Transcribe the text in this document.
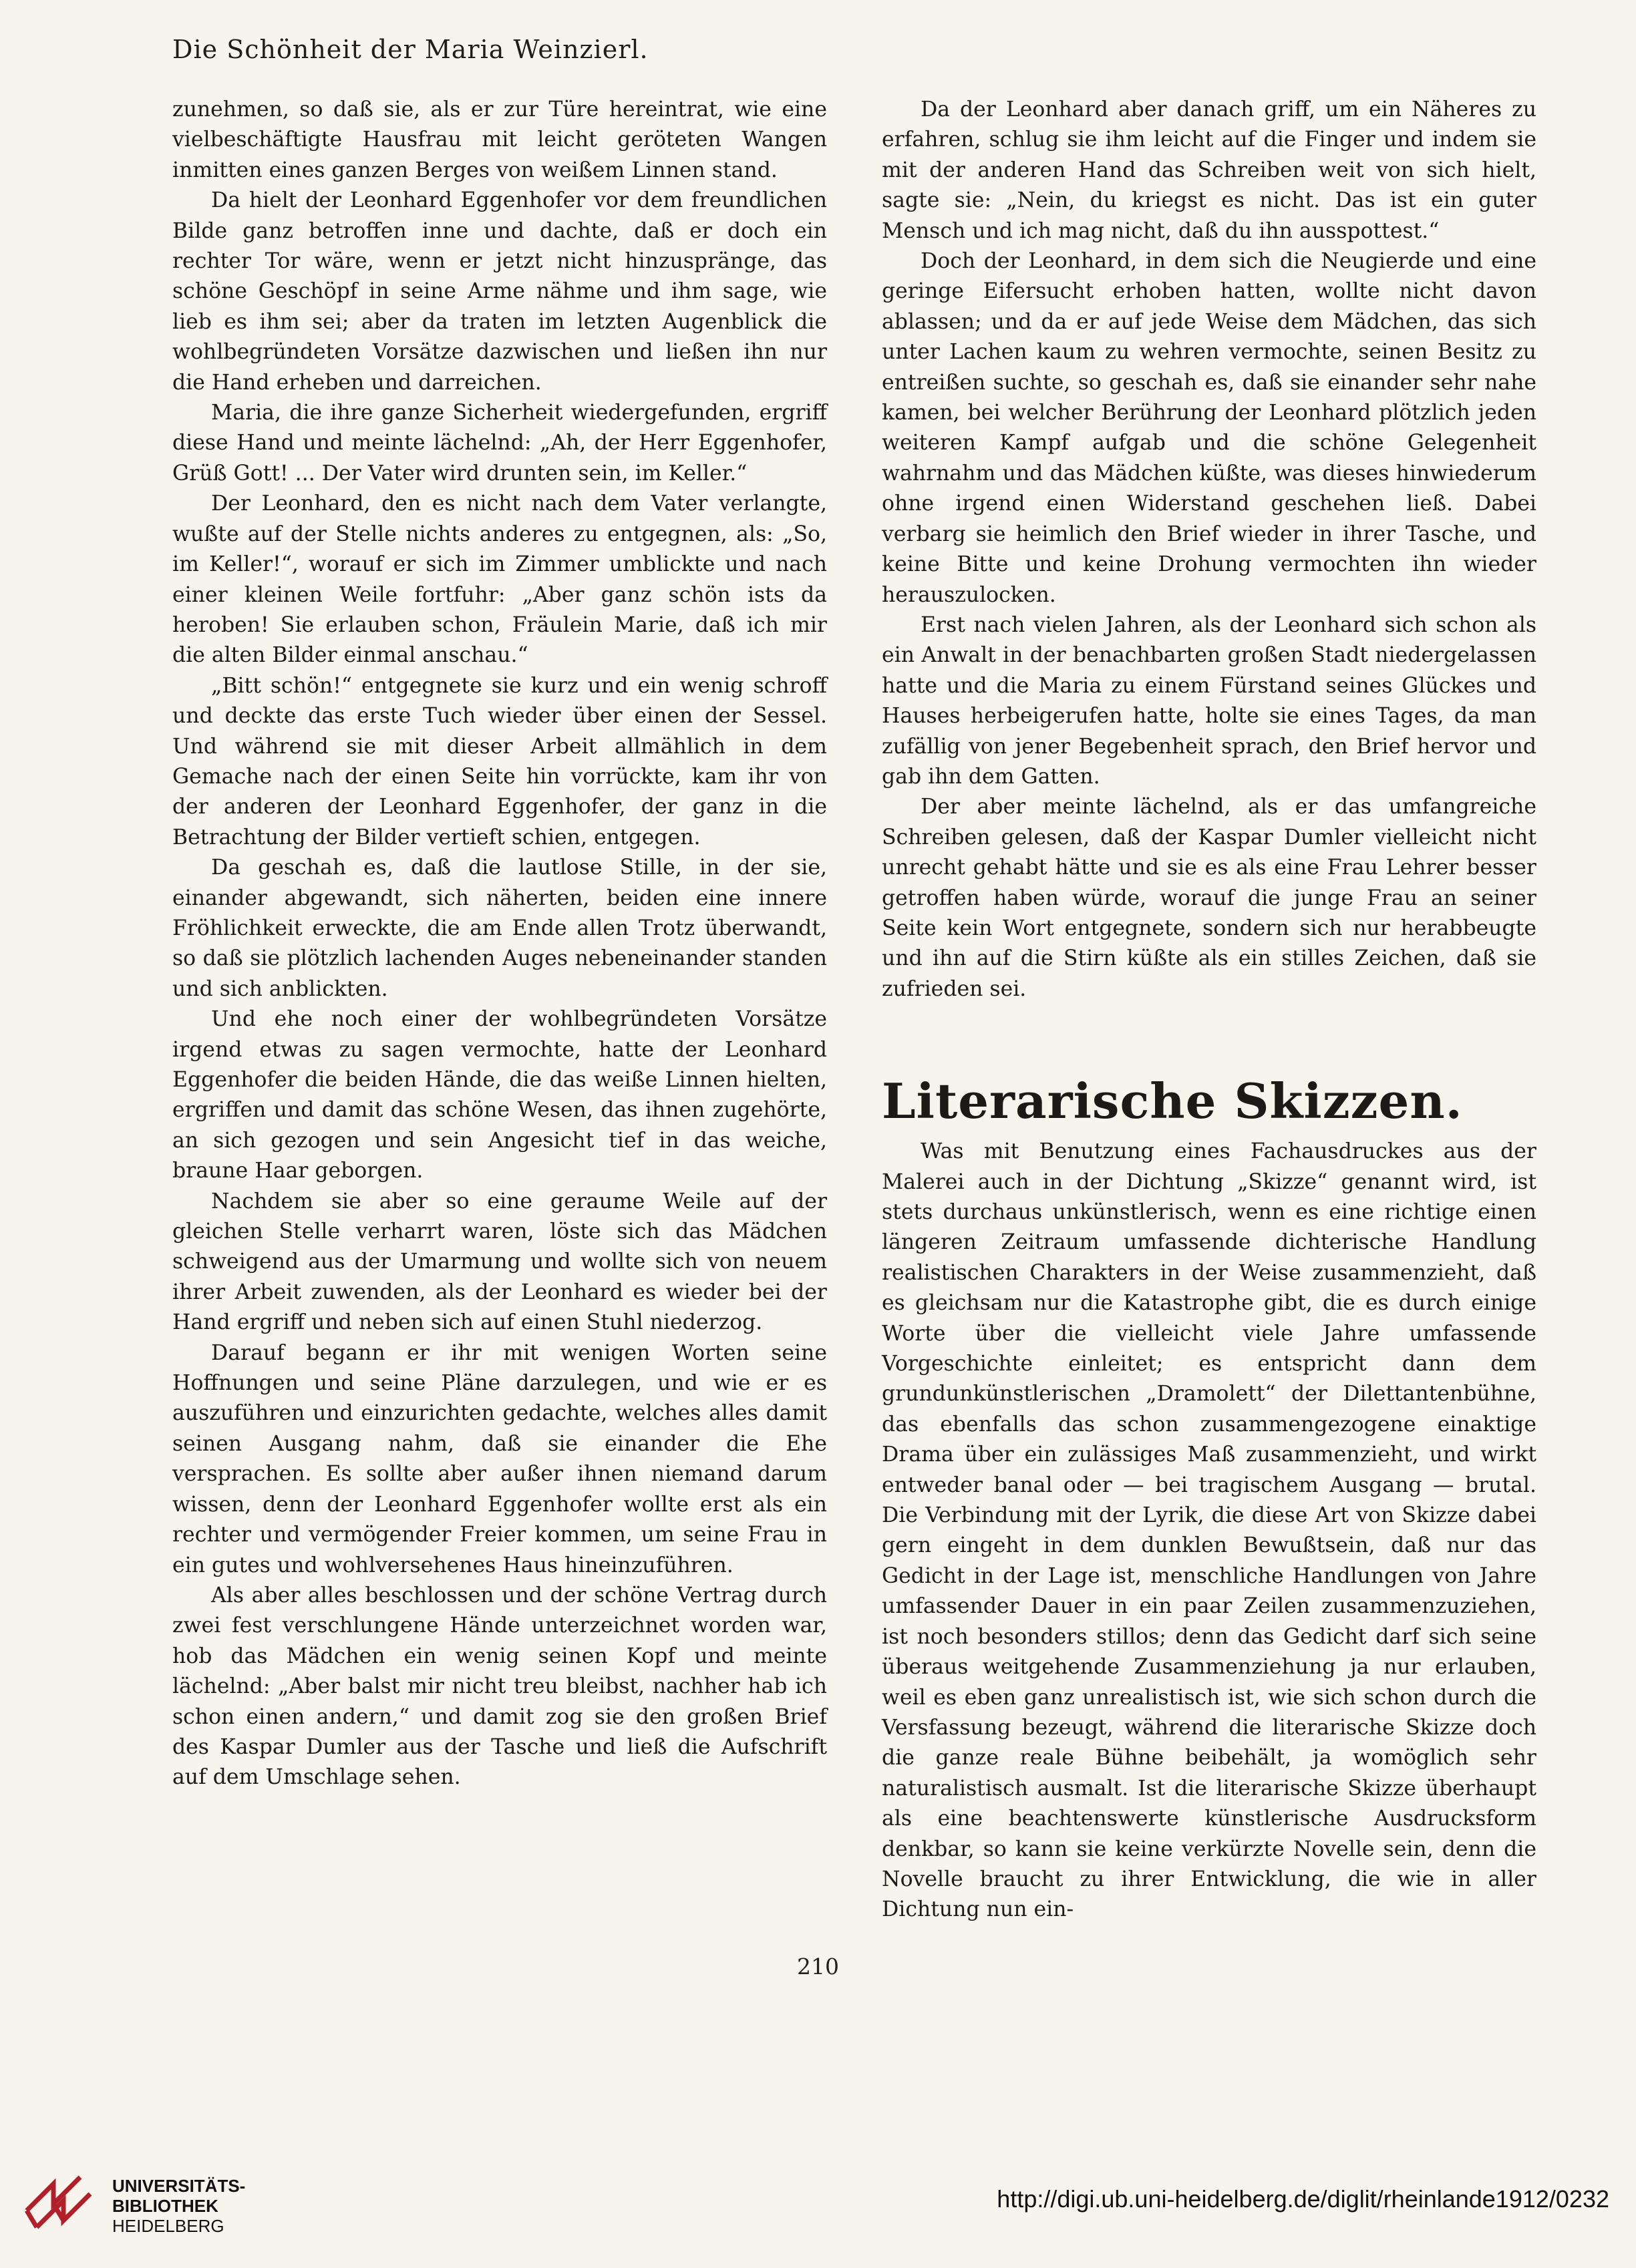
Die Schönheit der Maria Weinzierl.

zunehmen, so daß sie, als er zur Türe hereintrat, wie eine vielbeschäftigte Hausfrau mit leicht geröteten Wangen inmitten eines ganzen Berges von weißem Linnen stand.

Da hielt der Leonhard Eggenhofer vor dem freundlichen Bilde ganz betroffen inne und dachte, daß er doch ein rechter Tor wäre, wenn er jetzt nicht hinzuspränge, das schöne Geschöpf in seine Arme nähme und ihm sage, wie lieb es ihm sei; aber da traten im letzten Augenblick die wohlbegründeten Vorsätze dazwischen und ließen ihn nur die Hand erheben und darreichen.

Maria, die ihre ganze Sicherheit wiedergefunden, ergriff diese Hand und meinte lächelnd: „Ah, der Herr Eggenhofer, Grüß Gott! ... Der Vater wird drunten sein, im Keller.“

Der Leonhard, den es nicht nach dem Vater verlangte, wußte auf der Stelle nichts anderes zu entgegnen, als: „So, im Keller!“, worauf er sich im Zimmer umblickte und nach einer kleinen Weile fortfuhr: „Aber ganz schön ists da heroben! Sie erlauben schon, Fräulein Marie, daß ich mir die alten Bilder einmal anschau.“

„Bitt schön!“ entgegnete sie kurz und ein wenig schroff und deckte das erste Tuch wieder über einen der Sessel. Und während sie mit dieser Arbeit allmählich in dem Gemache nach der einen Seite hin vorrückte, kam ihr von der anderen der Leonhard Eggenhofer, der ganz in die Betrachtung der Bilder vertieft schien, entgegen.

Da geschah es, daß die lautlose Stille, in der sie, einander abgewandt, sich näherten, beiden eine innere Fröhlichkeit erweckte, die am Ende allen Trotz überwandt, so daß sie plötzlich lachenden Auges nebeneinander standen und sich anblickten.

Und ehe noch einer der wohlbegründeten Vorsätze irgend etwas zu sagen vermochte, hatte der Leonhard Eggenhofer die beiden Hände, die das weiße Linnen hielten, ergriffen und damit das schöne Wesen, das ihnen zugehörte, an sich gezogen und sein Angesicht tief in das weiche, braune Haar geborgen.

Nachdem sie aber so eine geraume Weile auf der gleichen Stelle verharrt waren, löste sich das Mädchen schweigend aus der Umarmung und wollte sich von neuem ihrer Arbeit zuwenden, als der Leonhard es wieder bei der Hand ergriff und neben sich auf einen Stuhl niederzog.

Darauf begann er ihr mit wenigen Worten seine Hoffnungen und seine Pläne darzulegen, und wie er es auszuführen und einzurichten gedachte, welches alles damit seinen Ausgang nahm, daß sie einander die Ehe versprachen. Es sollte aber außer ihnen niemand darum wissen, denn der Leonhard Eggenhofer wollte erst als ein rechter und vermögender Freier kommen, um seine Frau in ein gutes und wohlversehenes Haus hineinzuführen.

Als aber alles beschlossen und der schöne Vertrag durch zwei fest verschlungene Hände unterzeichnet worden war, hob das Mädchen ein wenig seinen Kopf und meinte lächelnd: „Aber balst mir nicht treu bleibst, nachher hab ich schon einen andern,“ und damit zog sie den großen Brief des Kaspar Dumler aus der Tasche und ließ die Aufschrift auf dem Umschlage sehen.

Da der Leonhard aber danach griff, um ein Näheres zu erfahren, schlug sie ihm leicht auf die Finger und indem sie mit der anderen Hand das Schreiben weit von sich hielt, sagte sie: „Nein, du kriegst es nicht. Das ist ein guter Mensch und ich mag nicht, daß du ihn ausspottest.“

Doch der Leonhard, in dem sich die Neugierde und eine geringe Eifersucht erhoben hatten, wollte nicht davon ablassen; und da er auf jede Weise dem Mädchen, das sich unter Lachen kaum zu wehren vermochte, seinen Besitz zu entreißen suchte, so geschah es, daß sie einander sehr nahe kamen, bei welcher Berührung der Leonhard plötzlich jeden weiteren Kampf aufgab und die schöne Gelegenheit wahrnahm und das Mädchen küßte, was dieses hinwiederum ohne irgend einen Widerstand geschehen ließ. Dabei verbarg sie heimlich den Brief wieder in ihrer Tasche, und keine Bitte und keine Drohung vermochten ihn wieder herauszulocken.

Erst nach vielen Jahren, als der Leonhard sich schon als ein Anwalt in der benachbarten großen Stadt niedergelassen hatte und die Maria zu einem Fürstand seines Glückes und Hauses herbeigerufen hatte, holte sie eines Tages, da man zufällig von jener Begebenheit sprach, den Brief hervor und gab ihn dem Gatten.

Der aber meinte lächelnd, als er das umfangreiche Schreiben gelesen, daß der Kaspar Dumler vielleicht nicht unrecht gehabt hätte und sie es als eine Frau Lehrer besser getroffen haben würde, worauf die junge Frau an seiner Seite kein Wort entgegnete, sondern sich nur herabbeugte und ihn auf die Stirn küßte als ein stilles Zeichen, daß sie zufrieden sei.

Literarische Skizzen.

Was mit Benutzung eines Fachausdruckes aus der Malerei auch in der Dichtung „Skizze“ genannt wird, ist stets durchaus unkünstlerisch, wenn es eine richtige einen längeren Zeitraum umfassende dichterische Handlung realistischen Charakters in der Weise zusammenzieht, daß es gleichsam nur die Katastrophe gibt, die es durch einige Worte über die vielleicht viele Jahre umfassende Vorgeschichte einleitet; es entspricht dann dem grundunkünstlerischen „Dramolett“ der Dilettantenbühne, das ebenfalls das schon zusammengezogene einaktige Drama über ein zulässiges Maß zusammenzieht, und wirkt entweder banal oder — bei tragischem Ausgang — brutal. Die Verbindung mit der Lyrik, die diese Art von Skizze dabei gern eingeht in dem dunklen Bewußtsein, daß nur das Gedicht in der Lage ist, menschliche Handlungen von Jahre umfassender Dauer in ein paar Zeilen zusammenzuziehen, ist noch besonders stillos; denn das Gedicht darf sich seine überaus weitgehende Zusammenziehung ja nur erlauben, weil es eben ganz unrealistisch ist, wie sich schon durch die Versfassung bezeugt, während die literarische Skizze doch die ganze reale Bühne beibehält, ja womöglich sehr naturalistisch ausmalt. Ist die literarische Skizze überhaupt als eine beachtenswerte künstlerische Ausdrucksform denkbar, so kann sie keine verkürzte Novelle sein, denn die Novelle braucht zu ihrer Entwicklung, die wie in aller Dichtung nun ein-

210
UNIVERSITÄTS-
BIBLIOTHEK
HEIDELBERG
http://digi.ub.uni-heidelberg.de/diglit/rheinlande1912/0232
